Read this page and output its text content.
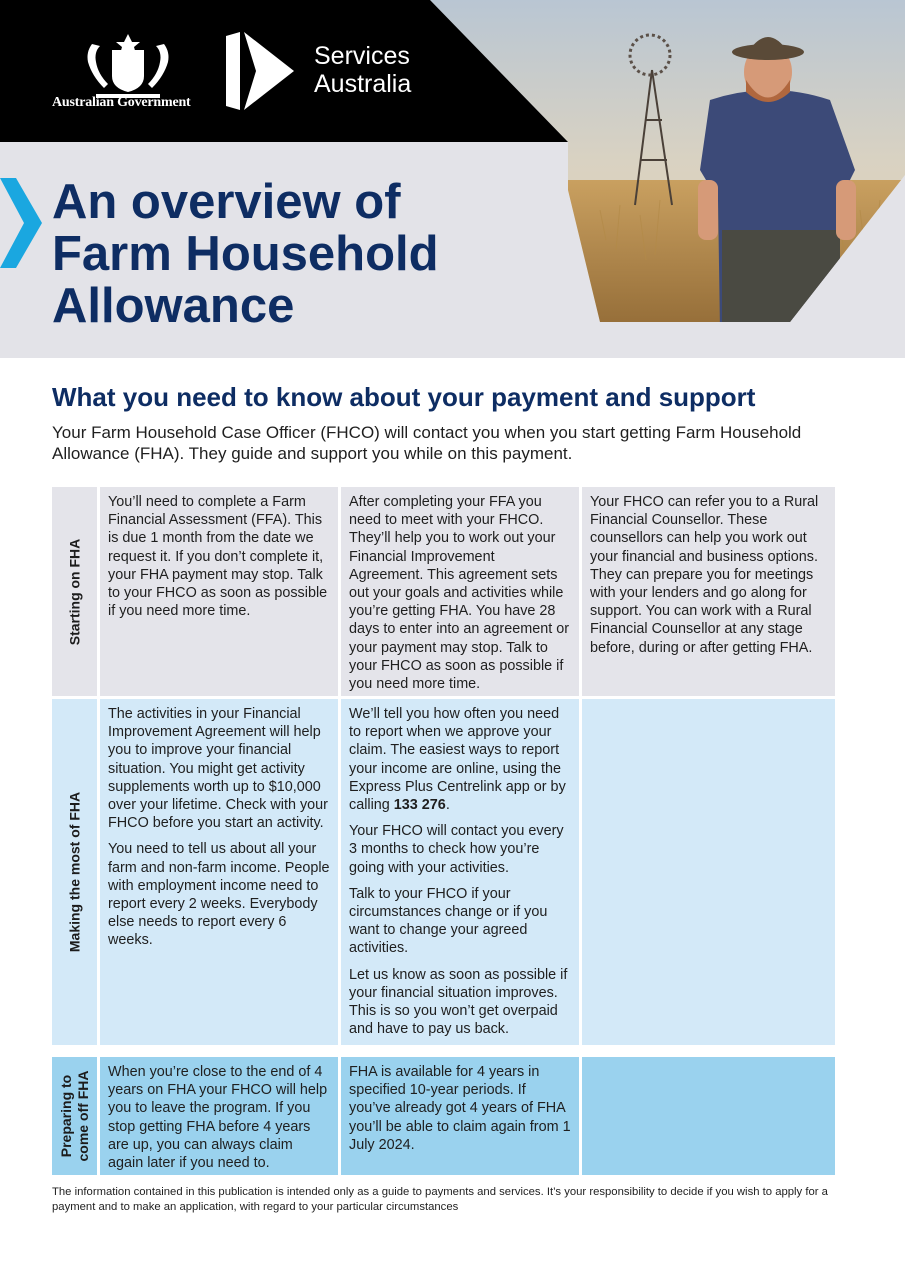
Australian Government
Services
Australia
An overview of
Farm Household
Allowance
What you need to know about your payment and support
Your Farm Household Case Officer (FHCO) will contact you when you start getting Farm Household Allowance (FHA). They guide and support you while on this payment.
Starting on FHA

You’ll need to complete a Farm Financial Assessment (FFA). This is due 1 month from the date we request it. If you don’t complete it, your FHA payment may stop. Talk to your FHCO as soon as possible if you need more time.

After completing your FFA you need to meet with your FHCO. They’ll help you to work out your Financial Improvement Agreement. This agreement sets out your goals and activities while you’re getting FHA. You have 28 days to enter into an agreement or your payment may stop. Talk to your FHCO as soon as possible if you need more time.

Your FHCO can refer you to a Rural Financial Counsellor. These counsellors can help you work out your financial and business options. They can prepare you for meetings with your lenders and go along for support. You can work with a Rural Financial Counsellor at any stage before, during or after getting FHA.

Making the most of FHA

The activities in your Financial Improvement Agreement will help you to improve your financial situation. You might get activity supplements worth up to $10,000 over your lifetime. Check with your FHCO before you start an activity.

You need to tell us about all your farm and non-farm income. People with employment income need to report every 2 weeks. Everybody else needs to report every 6 weeks.

We’ll tell you how often you need to report when we approve your claim. The easiest ways to report your income are online, using the Express Plus Centrelink app or by calling 133 276.

Your FHCO will contact you every 3 months to check how you’re going with your activities.

Talk to your FHCO if your circumstances change or if you want to change your agreed activities.

Let us know as soon as possible if your financial situation improves. This is so you won’t get overpaid and have to pay us back.

Preparing to
come off FHA When you’re close to the end of 4 years on FHA your FHCO will help you to leave the program. If you stop getting FHA before 4 years are up, you can always claim again later if you need to.

FHA is available for 4 years in specified 10-year periods. If you’ve already got 4 years of FHA you’ll be able to claim again from 1 July 2024.

The information contained in this publication is intended only as a guide to payments and services. It’s your responsibility to decide if you wish to apply for a payment and to make an application, with regard to your particular circumstances
